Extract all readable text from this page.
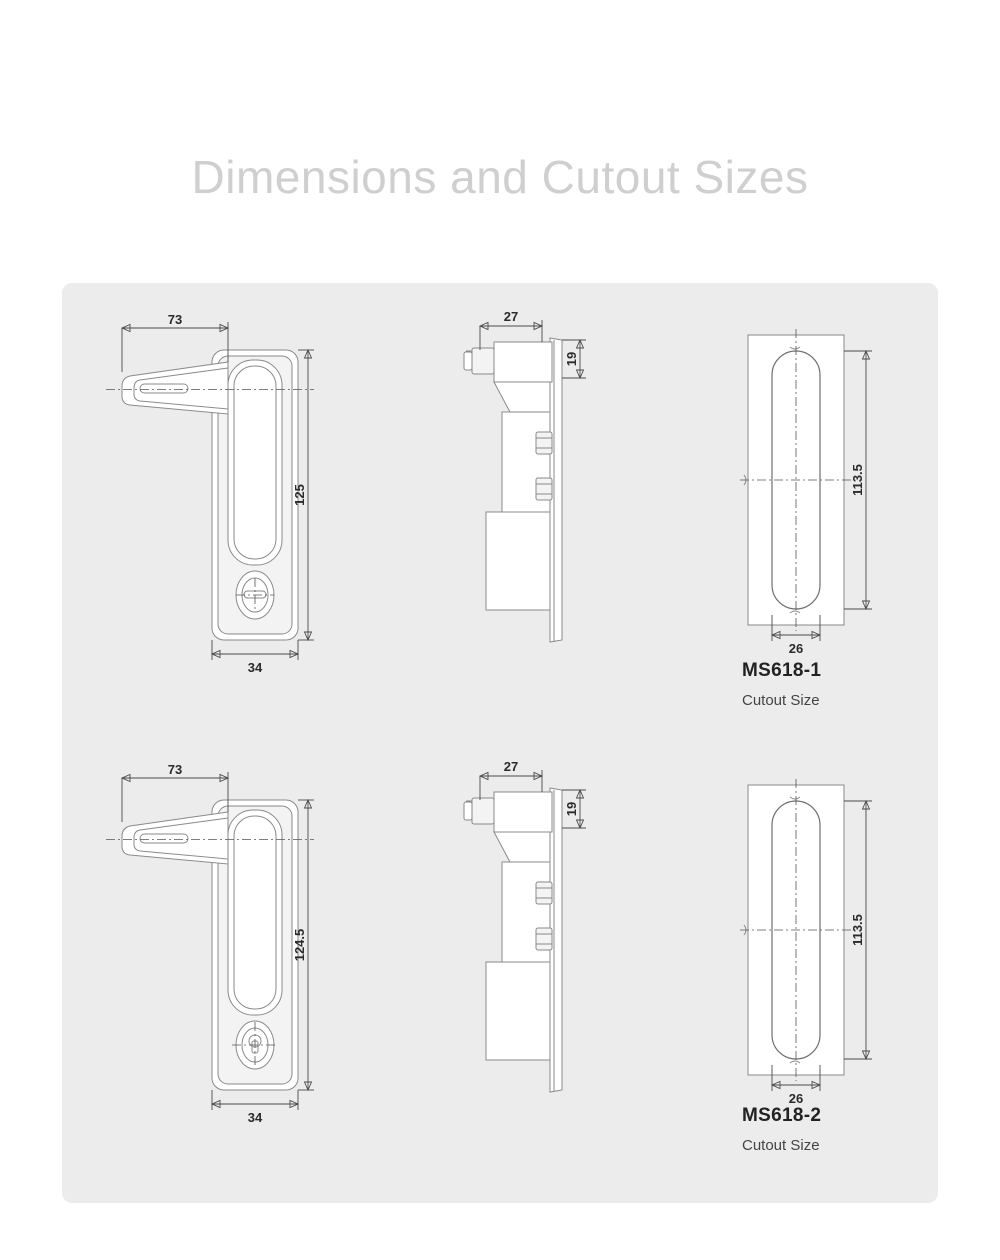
Dimensions and Cutout Sizes
73
125
34
27
19
113.5
26

MS618-1

Cutout Size

73
124.5
34
27
19
113.5
26

MS618-2

Cutout Size
